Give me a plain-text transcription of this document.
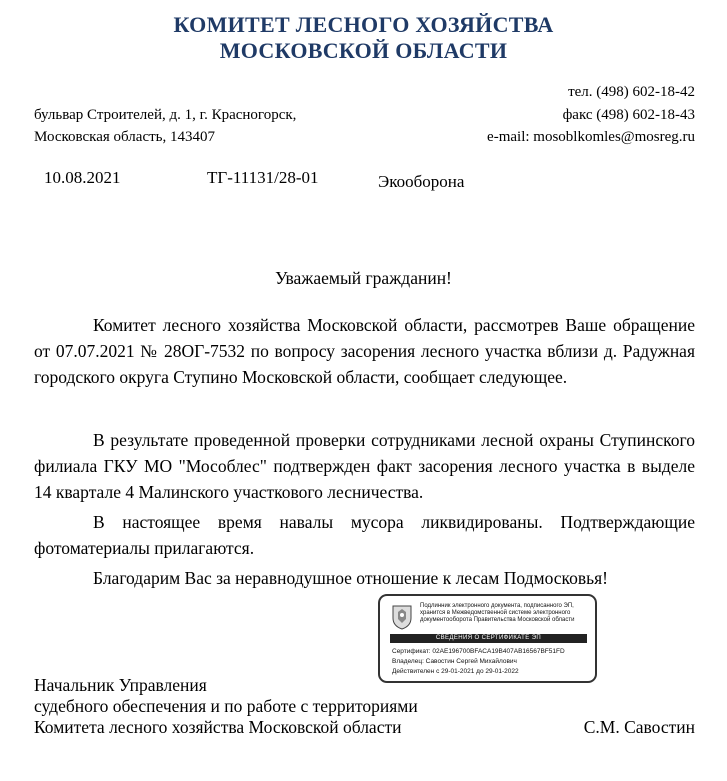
КОМИТЕТ ЛЕСНОГО ХОЗЯЙСТВА
МОСКОВСКОЙ ОБЛАСТИ
тел. (498) 602-18-42
бульвар Строителей, д. 1, г. Красногорск,	факс (498) 602-18-43
Московская область, 143407	e-mail: mosoblkomles@mosreg.ru
10.08.2021	ТГ-11131/28-01	Экооборона
Уважаемый гражданин!
Комитет лесного хозяйства Московской области, рассмотрев Ваше обращение от 07.07.2021 № 28ОГ-7532 по вопросу засорения лесного участка вблизи д. Радужная городского округа Ступино Московской области, сообщает следующее.
В результате проведенной проверки сотрудниками лесной охраны Ступинского филиала ГКУ МО "Мособлес" подтвержден факт засорения лесного участка в выделе 14 квартале 4 Малинского участкового лесничества.
В настоящее время навалы мусора ликвидированы. Подтверждающие фотоматериалы прилагаются.
Благодарим Вас за неравнодушное отношение к лесам Подмосковья!
Подлинник электронного документа, подписанного ЭП, хранится в Межведомственной системе электронного документооборота Правительства Московской области
СВЕДЕНИЯ О СЕРТИФИКАТЕ ЭП
Сертификат: 02AE196700BFACA19B407AB16567BF51FD
Владелец: Савостин Сергей Михайлович
Действителен с 29-01-2021 до 29-01-2022
Начальник Управления
судебного обеспечения и по работе с территориями
Комитета лесного хозяйства Московской области	С.М. Савостин
